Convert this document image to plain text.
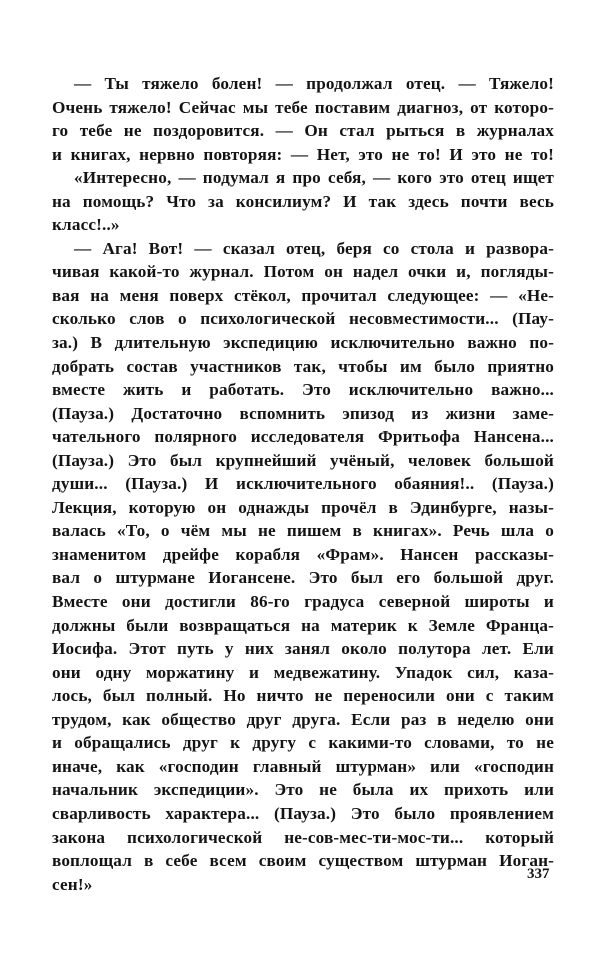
— Ты тяжело болен! — продолжал отец. — Тяжело!
Очень тяжело! Сейчас мы тебе поставим диагноз, от которо-
го тебе не поздоровится. — Он стал рыться в журналах
и книгах, нервно повторяя: — Нет, это не то! И это не то!
«Интересно, — подумал я про себя, — кого это отец ищет
на помощь? Что за консилиум? И так здесь почти весь
класс!..»
— Ага! Вот! — сказал отец, беря со стола и развора-
чивая какой-то журнал. Потом он надел очки и, погляды-
вая на меня поверх стёкол, прочитал следующее: — «Не-
сколько слов о психологической несовместимости... (Пау-
за.) В длительную экспедицию исключительно важно по-
добрать состав участников так, чтобы им было приятно
вместе жить и работать. Это исключительно важно...
(Пауза.) Достаточно вспомнить эпизод из жизни заме-
чательного полярного исследователя Фритьофа Нансена...
(Пауза.) Это был крупнейший учёный, человек большой
души... (Пауза.) И исключительного обаяния!.. (Пауза.)
Лекция, которую он однажды прочёл в Эдинбурге, назы-
валась «То, о чём мы не пишем в книгах». Речь шла о
знаменитом дрейфе корабля «Фрам». Нансен рассказы-
вал о штурмане Иогансене. Это был его большой друг.
Вместе они достигли 86-го градуса северной широты и
должны были возвращаться на материк к Земле Франца-
Иосифа. Этот путь у них занял около полутора лет. Ели
они одну моржатину и медвежатину. Упадок сил, каза-
лось, был полный. Но ничто не переносили они с таким
трудом, как общество друг друга. Если раз в неделю они
и обращались друг к другу с какими-то словами, то не
иначе, как «господин главный штурман» или «господин
начальник экспедиции». Это не была их прихоть или
сварливость характера... (Пауза.) Это было проявлением
закона психологической не-сов-мес-ти-мос-ти... который
воплощал в себе всем своим существом штурман Иоган-
сен!»
337
